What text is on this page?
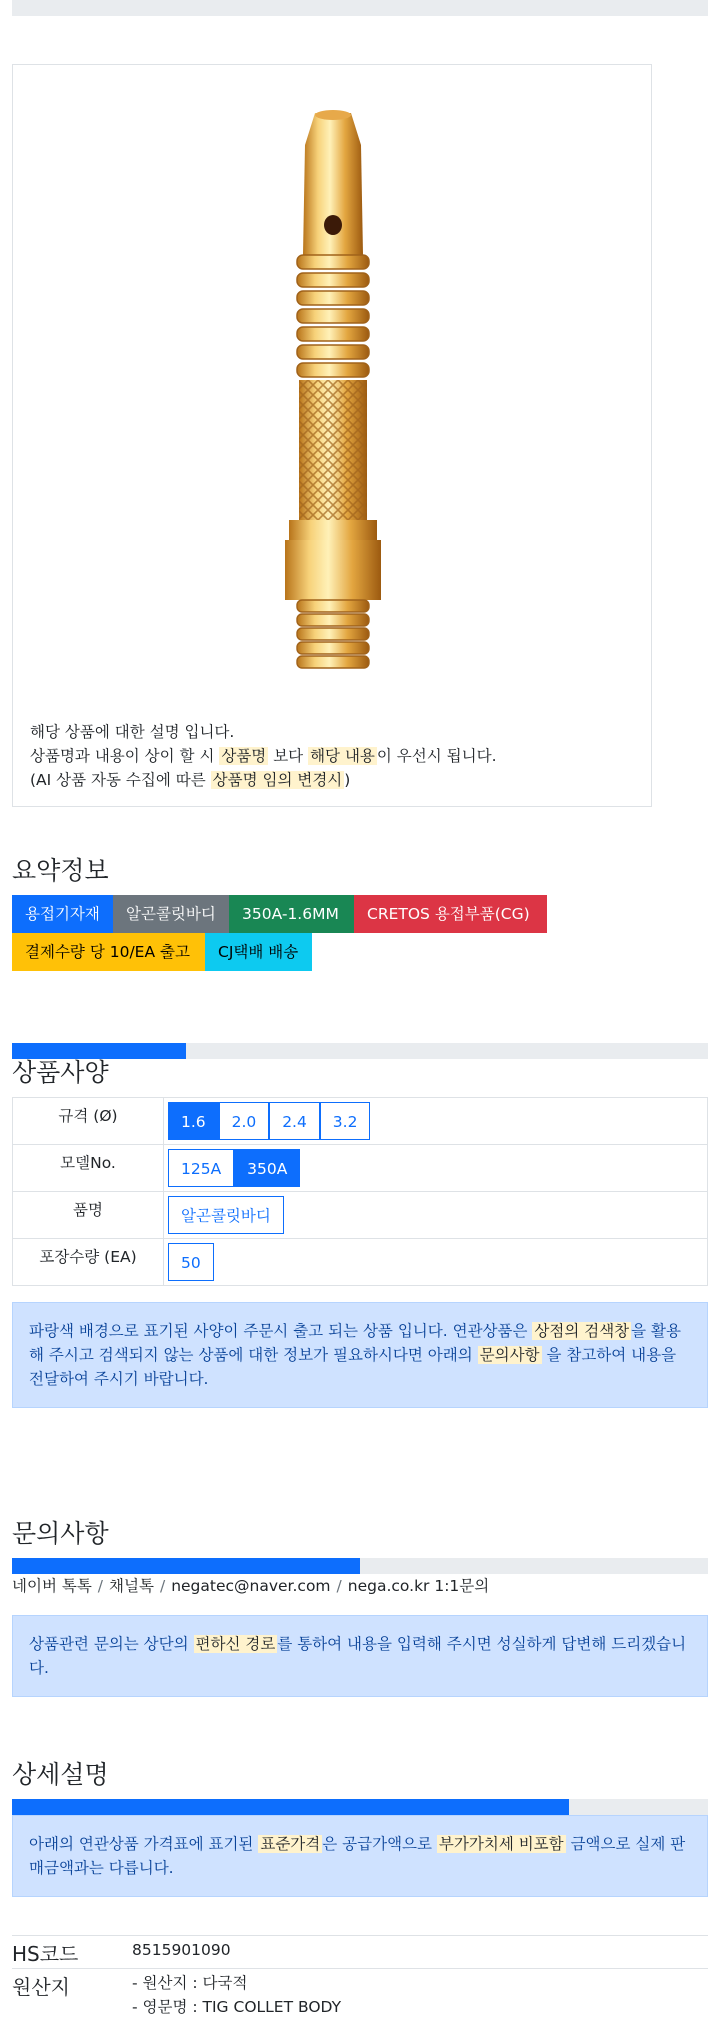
해당 상품에 대한 설명 입니다.
상품명과 내용이 상이 할 시 상품명 보다 해당 내용 이 우선시 됩니다.
(AI 상품 자동 수집에 따른 상품명 임의 변경시 )
요약정보
용접기자재	알곤콜릿바디	350A-1.6MM	CRETOS 용접부품(CG)
결제수량 당 10/EA 출고	CJ택배 배송
상품사양
규격 (Ø)	1.6 2.0 2.4 3.2
모델No.	125A 350A
품명	알곤콜릿바디
포장수량 (EA)	50
파랑색 배경으로 표기된 사양이 주문시 출고 되는 상품 입니다. 연관상품은 상점의 검색창 을 활용해 주시고 검색되지 않는 상품에 대한 정보가 필요하시다면 아래의 문의사항 을 참고하여 내용을 전달하여 주시기 바랍니다.
문의사항
네이버 톡톡 / 채널톡 / negatec@naver.com / nega.co.kr 1:1문의
상품관련 문의는 상단의 편하신 경로 를 통하여 내용을 입력해 주시면 성실하게 답변해 드리겠습니다.
상세설명
아래의 연관상품 가격표에 표기된 표준가격 은 공급가액으로 부가가치세 비포함 금액으로 실제 판매금액과는 다릅니다.
HS코드	8515901090
원산지	- 원산지 : 다국적
- 영문명 : TIG COLLET BODY
